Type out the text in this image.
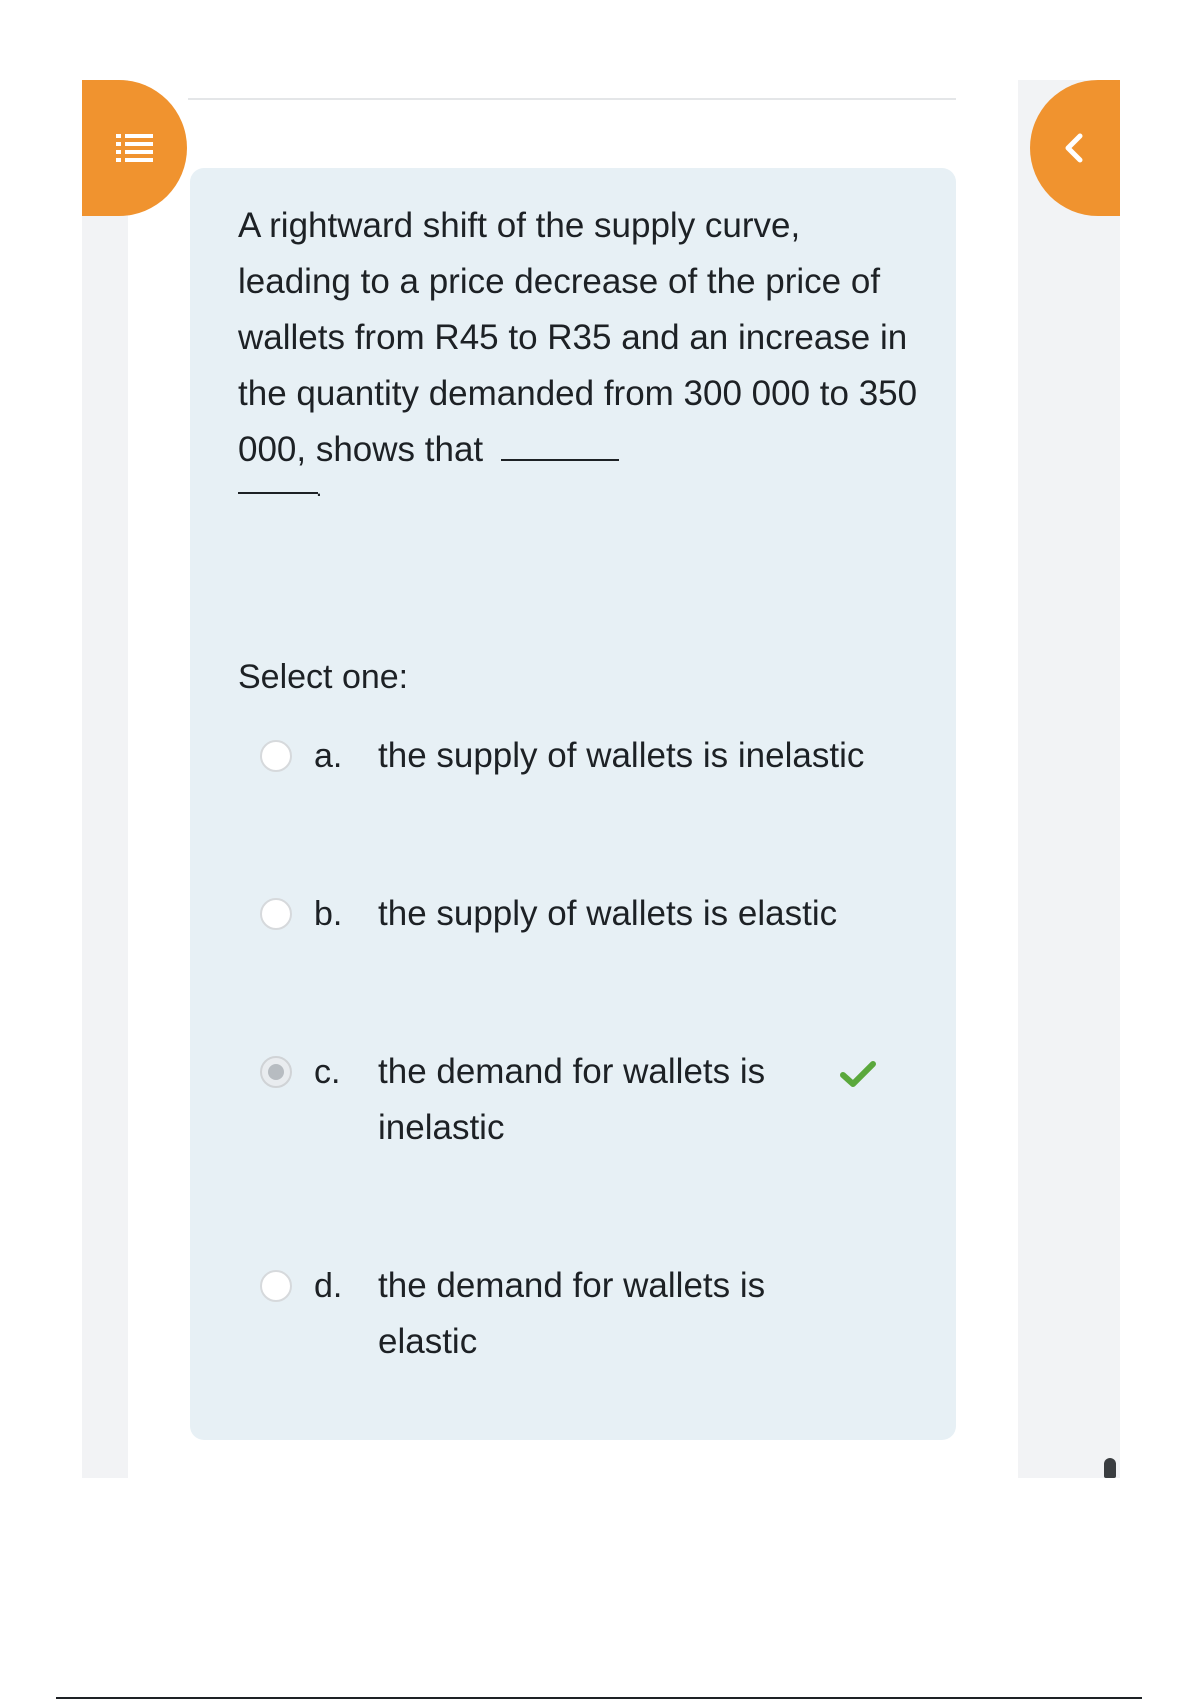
A rightward shift of the supply curve, leading to a price decrease of the price of wallets from R45 to R35 and an increase in the quantity demanded from 300 000 to 350 000, shows that
.

Select one:
a.	the supply of wallets is inelastic
b.	the supply of wallets is elastic
c.	the demand for wallets is inelastic
d.	the demand for wallets is elastic
